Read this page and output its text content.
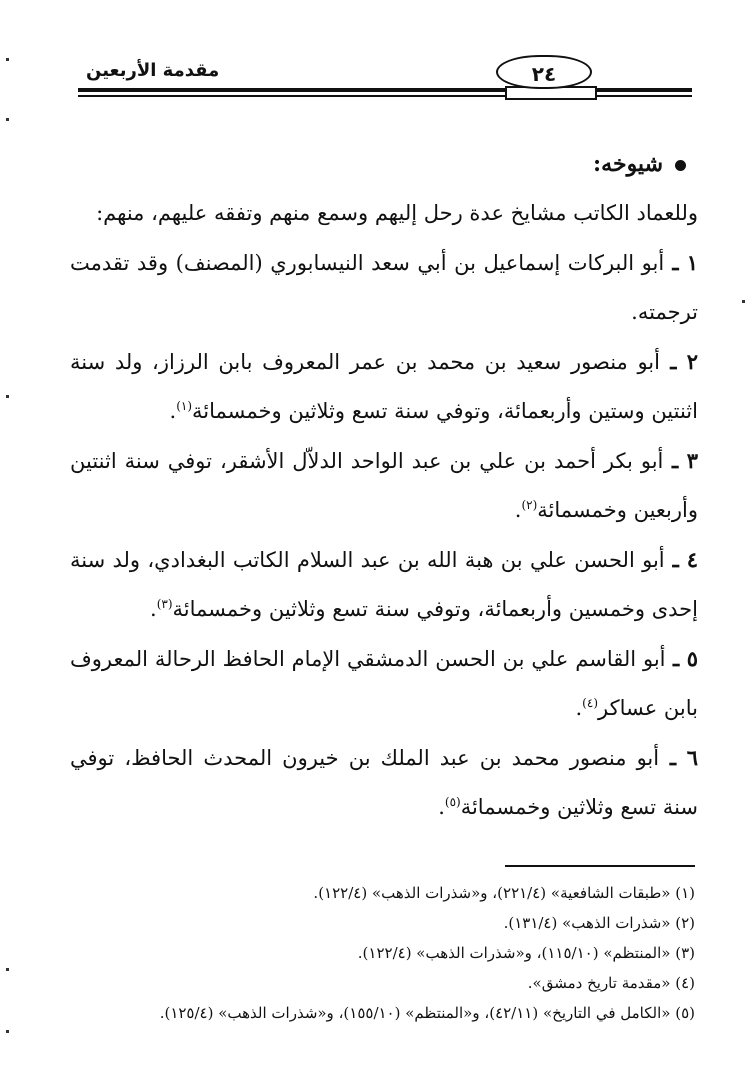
مقدمة الأربعين	٢٤

شيوخه:

وللعماد الكاتب مشايخ عدة رحل إليهم وسمع منهم وتفقه عليهم، منهم:

١ ـ أبو البركات إسماعيل بن أبي سعد النيسابوري (المصنف) وقد تقدمت ترجمته.

٢ ـ أبو منصور سعيد بن محمد بن عمر المعروف بابن الرزاز، ولد سنة اثنتين وستين وأربعمائة، وتوفي سنة تسع وثلاثين وخمسمائة$^{(١)}$.

٣ ـ أبو بكر أحمد بن علي بن عبد الواحد الدلاّل الأشقر، توفي سنة اثنتين وأربعين وخمسمائة$^{(٢)}$.

٤ ـ أبو الحسن علي بن هبة الله بن عبد السلام الكاتب البغدادي، ولد سنة إحدى وخمسين وأربعمائة، وتوفي سنة تسع وثلاثين وخمسمائة$^{(٣)}$.

٥ ـ أبو القاسم علي بن الحسن الدمشقي الإمام الحافظ الرحالة المعروف بابن عساكر$^{(٤)}$.

٦ ـ أبو منصور محمد بن عبد الملك بن خيرون المحدث الحافظ، توفي سنة تسع وثلاثين وخمسمائة$^{(٥)}$.

(١) «طبقات الشافعية» (٢٢١/٤)، و«شذرات الذهب» (١٢٢/٤).

(٢) «شذرات الذهب» (١٣١/٤).

(٣) «المنتظم» (١١٥/١٠)، و«شذرات الذهب» (١٢٢/٤).

(٤) «مقدمة تاريخ دمشق».

(٥) «الكامل في التاريخ» (٤٢/١١)، و«المنتظم» (١٥٥/١٠)، و«شذرات الذهب» (١٢٥/٤).
